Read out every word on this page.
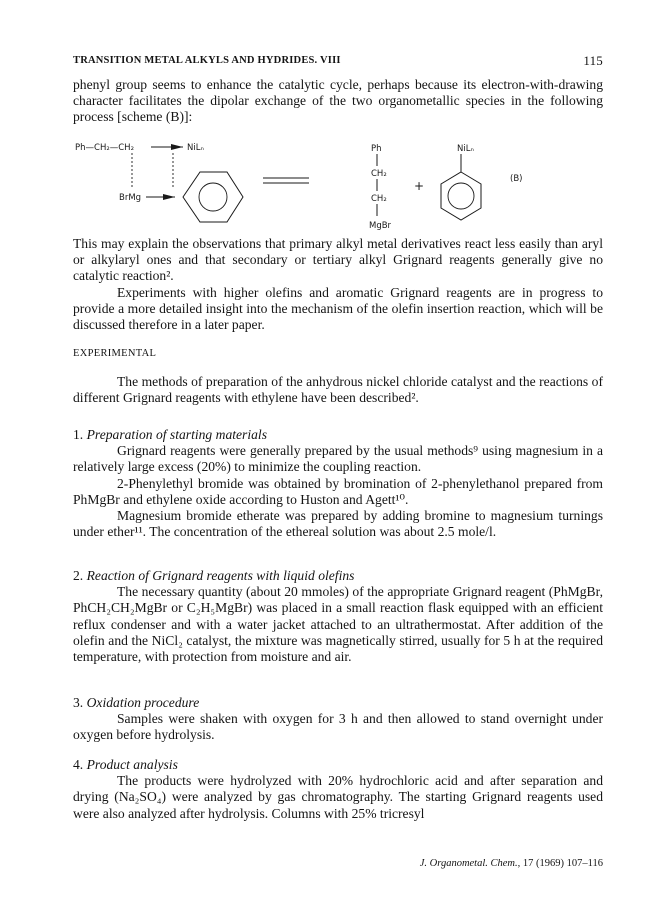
TRANSITION METAL ALKYLS AND HYDRIDES. VIII	115
phenyl group seems to enhance the catalytic cycle, perhaps because its electron-with-drawing character facilitates the dipolar exchange of the two organometallic species in the following process [scheme (B)]:
Ph—CH₂—CH₂	NiLₙ
BrMg
Ph
CH₂
CH₂
MgBr
+
NiLₙ
(B)

This may explain the observations that primary alkyl metal derivatives react less easily than aryl or alkylaryl ones and that secondary or tertiary alkyl Grignard reagents generally give no catalytic reaction².

Experiments with higher olefins and aromatic Grignard reagents are in progress to provide a more detailed insight into the mechanism of the olefin insertion reaction, which will be discussed therefore in a later paper.

EXPERIMENTAL

The methods of preparation of the anhydrous nickel chloride catalyst and the reactions of different Grignard reagents with ethylene have been described².

1. Preparation of starting materials

Grignard reagents were generally prepared by the usual methods⁹ using magnesium in a relatively large excess (20%) to minimize the coupling reaction.

2-Phenylethyl bromide was obtained by bromination of 2-phenylethanol prepared from PhMgBr and ethylene oxide according to Huston and Agett¹⁰.

Magnesium bromide etherate was prepared by adding bromine to magnesium turnings under ether¹¹. The concentration of the ethereal solution was about 2.5 mole/l.

2. Reaction of Grignard reagents with liquid olefins

The necessary quantity (about 20 mmoles) of the appropriate Grignard reagent (PhMgBr, PhCH₂CH₂MgBr or C₂H₅MgBr) was placed in a small reaction flask equipped with an efficient reflux condenser and with a water jacket attached to an ultrathermostat. After addition of the olefin and the NiCl₂ catalyst, the mixture was magnetically stirred, usually for 5 h at the required temperature, with protection from moisture and air.

3. Oxidation procedure

Samples were shaken with oxygen for 3 h and then allowed to stand overnight under oxygen before hydrolysis.

4. Product analysis

The products were hydrolyzed with 20% hydrochloric acid and after separation and drying (Na₂SO₄) were analyzed by gas chromatography. The starting Grignard reagents used were also analyzed after hydrolysis. Columns with 25% tricresyl

J. Organometal. Chem., 17 (1969) 107–116
